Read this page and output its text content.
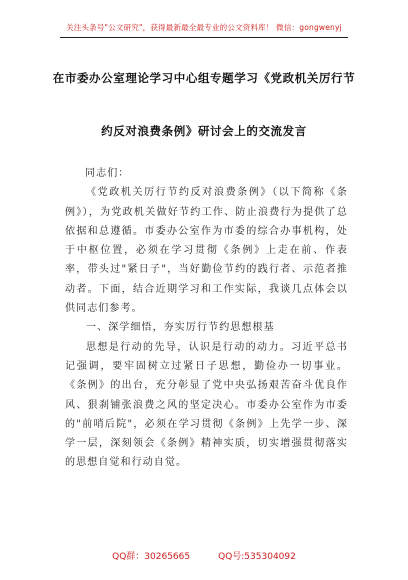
关注头条号"公文研究"，获得最新最全最专业的公文资料库！ 微信：gongwenyj
在市委办公室理论学习中心组专题学习《党政机关厉行节
约反对浪费条例》研讨会上的交流发言

同志们：

《党政机关厉行节约反对浪费条例》（以下简称《条例》），为党政机关做好节约工作、防止浪费行为提供了总依据和总遵循。市委办公室作为市委的综合办事机构，处于中枢位置，必须在学习贯彻《条例》上走在前、作表率，带头过"紧日子"，当好勤俭节约的践行者、示范者推动者。下面，结合近期学习和工作实际，我谈几点体会以供同志们参考。

一、深学细悟，夯实厉行节约思想根基

思想是行动的先导，认识是行动的动力。习近平总书记强调，要牢固树立过紧日子思想，勤俭办一切事业。《条例》的出台，充分彰显了党中央弘扬艰苦奋斗优良作风、狠刹铺张浪费之风的坚定决心。市委办公室作为市委的"前哨后院"，必须在学习贯彻《条例》上先学一步、深学一层，深刻领会《条例》精神实质，切实增强贯彻落实的思想自觉和行动自觉。

QQ群：30265665	QQ号:535304092
